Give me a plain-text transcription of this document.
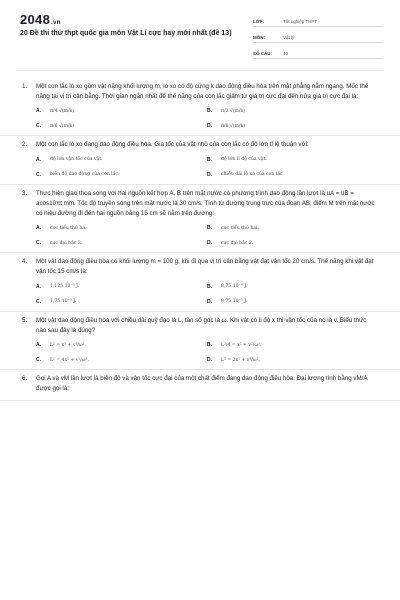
2048.vn
20 Đề thi thử thpt quốc gia môn Vật Lí cực hay mới nhất (đề 13)
LỚP:	Tốt nghiệp THPT
MÔN:	Vật lý
SỐ CÂU:	40
1. Một con lắc lò xo gồm vật nặng khối lượng m, lò xo có độ cứng k dao động điều hòa trên mặt phẳng nằm ngang. Mốc thế năng tại vị trí cân bằng. Thời gian ngắn nhất để thế năng của con lắc giảm từ giá trị cực đại đến nửa giá trị cực đại là:
A.	π/4 √(m/k)	B.	π/3 √(m/k)
C.	π/6 √(m/k)	D.	π/8 √(m/k)
2. Một con lắc lò xo đang dao động điều hòa. Gia tốc của vật nhỏ của con lắc có độ lớn tỉ lệ thuận với:
A.	độ lớn vận tốc của vật.	B.	độ lớn li độ của vật.
C.	biên độ dao động của con lắc.	D.	chiều dài lò xo của con lắc
3. Thực hiện giao thoa sóng với hai nguồn kết hợp A, B trên mặt nước có phương trình dao động lần lượt là uA = uB = acos10πt mm. Tốc độ truyền sóng trên mặt nước là 30 cm/s. Tính từ đường trung trực của đoạn AB, điểm M trên mặt nước có hiệu đường đi đến hai nguồn bằng 15 cm sẽ nằm trên đường:
A.	cực tiểu thứ ba.	B.	cực tiểu thứ hai.
C.	cực đại bậc 3.	D.	cực đại bậc 2.
4. Một vật dao động điều hòa có khối lượng m = 100 g, khi đi qua vị trí cân bằng vật đạt vận tốc 20 cm/s. Thế năng khi vật đạt vận tốc 15 cm/s là:
A.	1,125.10⁻³ J.	B.	8,75.10⁻⁴ J.
C.	1,75.10⁻³ J.	D.	8,75.10⁻³ J.
5. Một vật dao động điều hòa với chiều dài quỹ đạo là L, tần số góc là ω. Khi vật có li độ x thì vận tốc của nó là v. Biểu thức nào sau đây là đúng?
A.	L² = x² + v²/ω².	B.	L²/4 = x² + v²/ω².
C.	L² = 4x² + v²/ω².	D.	L² = 2x² + v²/ω².
6. Gọi A và vM lần lượt là biên độ và vận tốc cực đại của một chất điểm đang dao động điều hòa. Đại lượng tính bằng vM/A được gọi là:
